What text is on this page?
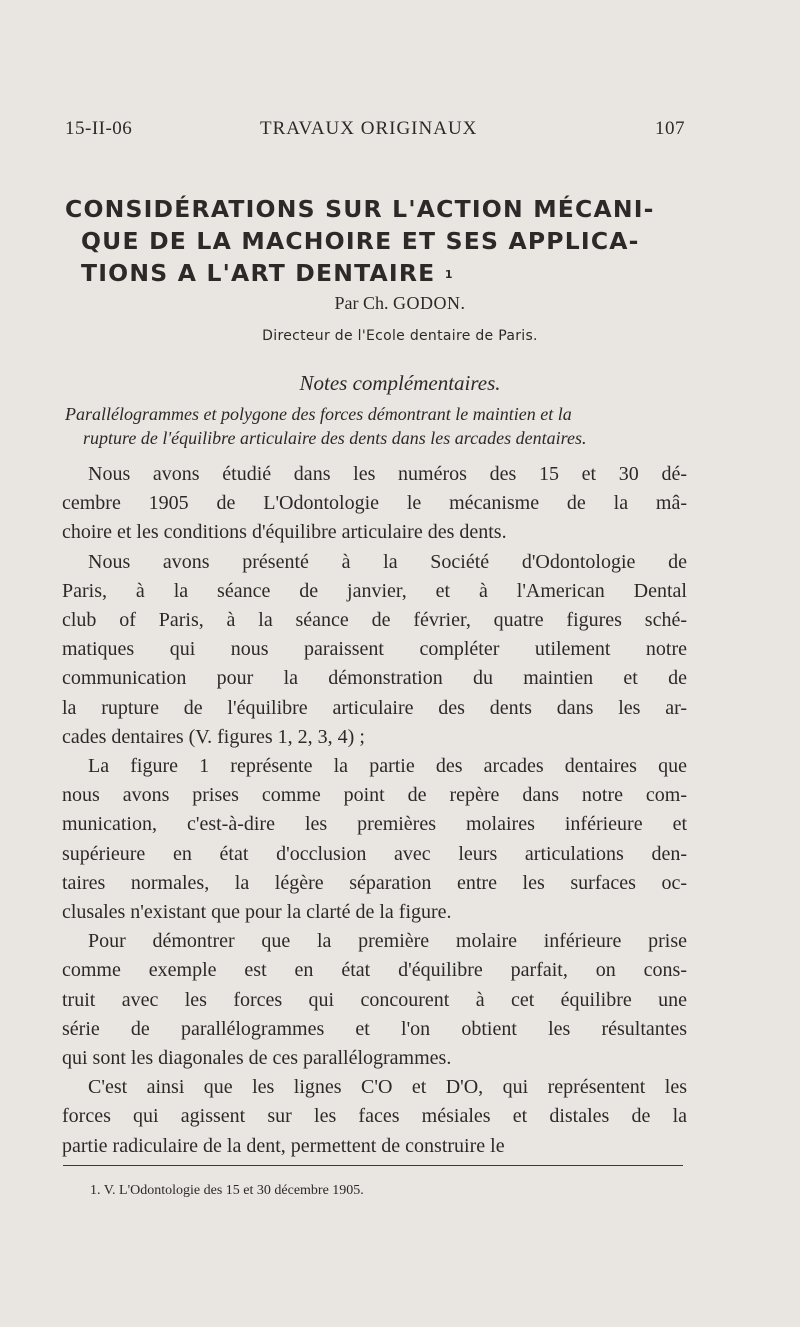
15-II-06	TRAVAUX ORIGINAUX	107
CONSIDÉRATIONS SUR L'ACTION MÉCANI-
QUE DE LA MACHOIRE ET SES APPLICA-
TIONS A L'ART DENTAIRE $^1$
Par Ch. GODON.
Directeur de l'Ecole dentaire de Paris.
Notes complémentaires.
Parallélogrammes et polygone des forces démontrant le maintien et la
rupture de l'équilibre articulaire des dents dans les arcades dentaires.
Nous avons étudié dans les numéros des 15 et 30 dé-
cembre 1905 de L'Odontologie le mécanisme de la mâ-
choire et les conditions d'équilibre articulaire des dents.
Nous avons présenté à la Société d'Odontologie de
Paris, à la séance de janvier, et à l'American Dental
club of Paris, à la séance de février, quatre figures sché-
matiques qui nous paraissent compléter utilement notre
communication pour la démonstration du maintien et de
la rupture de l'équilibre articulaire des dents dans les ar-
cades dentaires (V. figures 1, 2, 3, 4) ;
La figure 1 représente la partie des arcades dentaires que
nous avons prises comme point de repère dans notre com-
munication, c'est-à-dire les premières molaires inférieure et
supérieure en état d'occlusion avec leurs articulations den-
taires normales, la légère séparation entre les surfaces oc-
clusales n'existant que pour la clarté de la figure.
Pour démontrer que la première molaire inférieure prise
comme exemple est en état d'équilibre parfait, on cons-
truit avec les forces qui concourent à cet équilibre une
série de parallélogrammes et l'on obtient les résultantes
qui sont les diagonales de ces parallélogrammes.
C'est ainsi que les lignes C'O et D'O, qui représentent les
forces qui agissent sur les faces mésiales et distales de la
partie radiculaire de la dent, permettent de construire le
1. V. L'Odontologie des 15 et 30 décembre 1905.
